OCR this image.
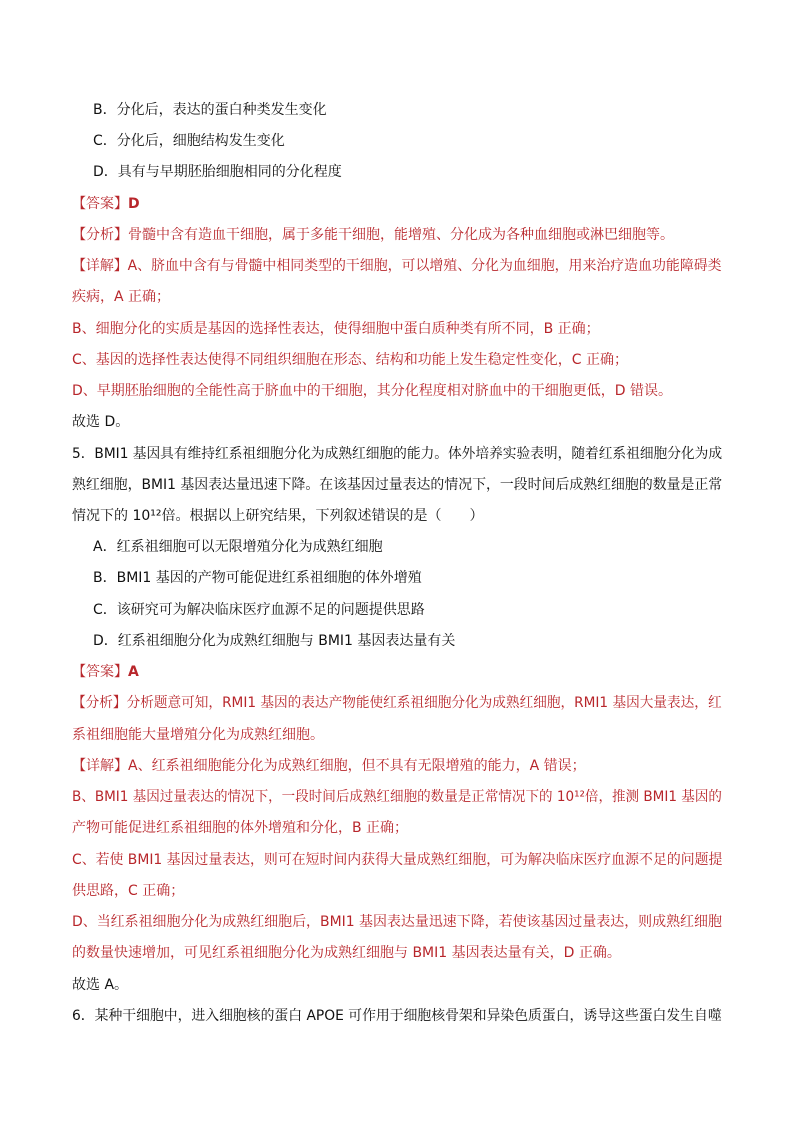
B．分化后，表达的蛋白种类发生变化
C．分化后，细胞结构发生变化
D．具有与早期胚胎细胞相同的分化程度
【答案】D
【分析】骨髓中含有造血干细胞，属于多能干细胞，能增殖、分化成为各种血细胞或淋巴细胞等。
【详解】A、脐血中含有与骨髓中相同类型的干细胞，可以增殖、分化为血细胞，用来治疗造血功能障碍类
疾病，A 正确；
B、细胞分化的实质是基因的选择性表达，使得细胞中蛋白质种类有所不同，B 正确；
C、基因的选择性表达使得不同组织细胞在形态、结构和功能上发生稳定性变化，C 正确；
D、早期胚胎细胞的全能性高于脐血中的干细胞，其分化程度相对脐血中的干细胞更低，D 错误。
故选 D。
5．BMI1 基因具有维持红系祖细胞分化为成熟红细胞的能力。体外培养实验表明，随着红系祖细胞分化为成
熟红细胞，BMI1 基因表达量迅速下降。在该基因过量表达的情况下，一段时间后成熟红细胞的数量是正常
情况下的 10¹²倍。根据以上研究结果，下列叙述错误的是（　　）
A．红系祖细胞可以无限增殖分化为成熟红细胞
B．BMI1 基因的产物可能促进红系祖细胞的体外增殖
C．该研究可为解决临床医疗血源不足的问题提供思路
D．红系祖细胞分化为成熟红细胞与 BMI1 基因表达量有关
【答案】A
【分析】分析题意可知，RMI1 基因的表达产物能使红系祖细胞分化为成熟红细胞，RMI1 基因大量表达，红
系祖细胞能大量增殖分化为成熟红细胞。
【详解】A、红系祖细胞能分化为成熟红细胞，但不具有无限增殖的能力，A 错误；
B、BMI1 基因过量表达的情况下，一段时间后成熟红细胞的数量是正常情况下的 10¹²倍，推测 BMI1 基因的
产物可能促进红系祖细胞的体外增殖和分化，B 正确；
C、若使 BMI1 基因过量表达，则可在短时间内获得大量成熟红细胞，可为解决临床医疗血源不足的问题提
供思路，C 正确；
D、当红系祖细胞分化为成熟红细胞后，BMI1 基因表达量迅速下降，若使该基因过量表达，则成熟红细胞
的数量快速增加，可见红系祖细胞分化为成熟红细胞与 BMI1 基因表达量有关，D 正确。
故选 A。
6．某种干细胞中，进入细胞核的蛋白 APOE 可作用于细胞核骨架和异染色质蛋白，诱导这些蛋白发生自噬
